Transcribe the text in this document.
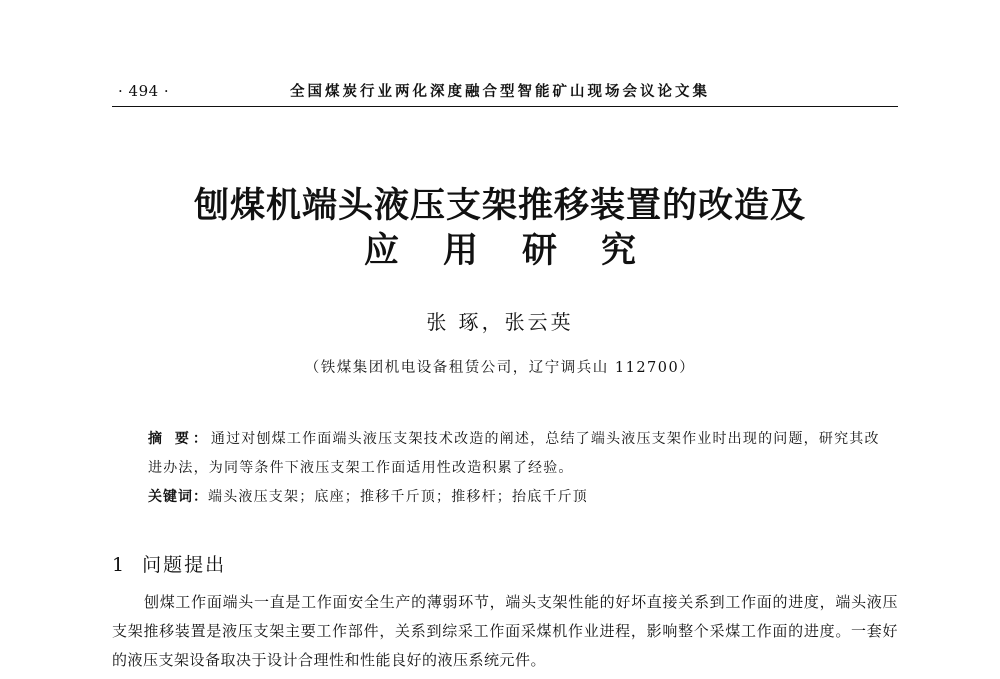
· 494 ·	全国煤炭行业两化深度融合型智能矿山现场会议论文集
刨煤机端头液压支架推移装置的改造及
应用研究
张 琢，张云英
（铁煤集团机电设备租赁公司，辽宁调兵山 112700）
摘 要：通过对刨煤工作面端头液压支架技术改造的阐述，总结了端头液压支架作业时出现的问题，研究其改进办法，为同等条件下液压支架工作面适用性改造积累了经验。
关键词：端头液压支架；底座；推移千斤顶；推移杆；抬底千斤顶
1 问题提出

刨煤工作面端头一直是工作面安全生产的薄弱环节，端头支架性能的好坏直接关系到工作面的进度，端头液压支架推移装置是液压支架主要工作部件，关系到综采工作面采煤机作业进程，影响整个采煤工作面的进度。一套好的液压支架设备取决于设计合理性和性能良好的液压系统元件。
